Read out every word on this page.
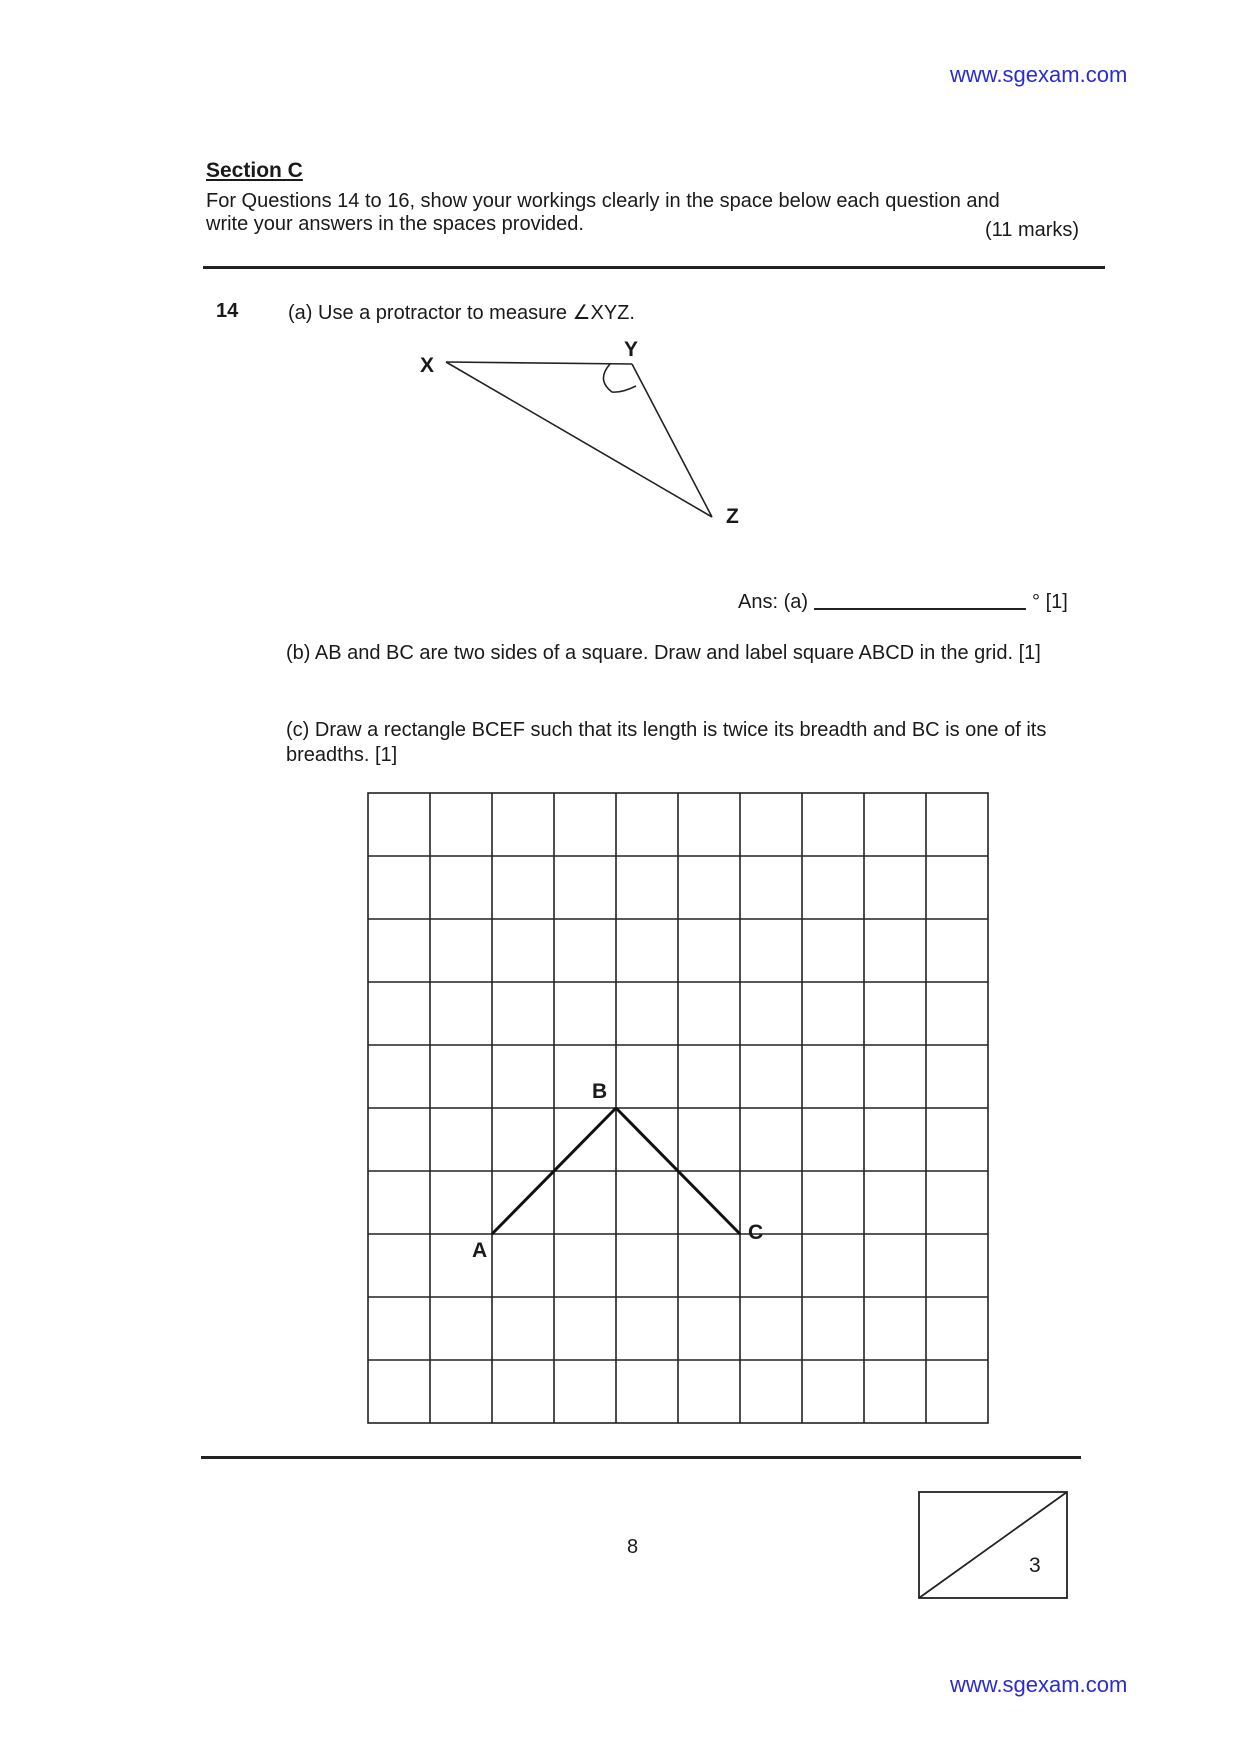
www.sgexam.com
Section C
For Questions 14 to 16, show your workings clearly in the space below each question and
write your answers in the spaces provided.	(11 marks)
14 (a) Use a protractor to measure ∠XYZ.
X
Y
Z
Ans: (a)	° [1]
(b) AB and BC are two sides of a square. Draw and label square ABCD in the grid. [1]
(c) Draw a rectangle BCEF such that its length is twice its breadth and BC is one of its breadths. [1]
A
B
C
8
3
www.sgexam.com
